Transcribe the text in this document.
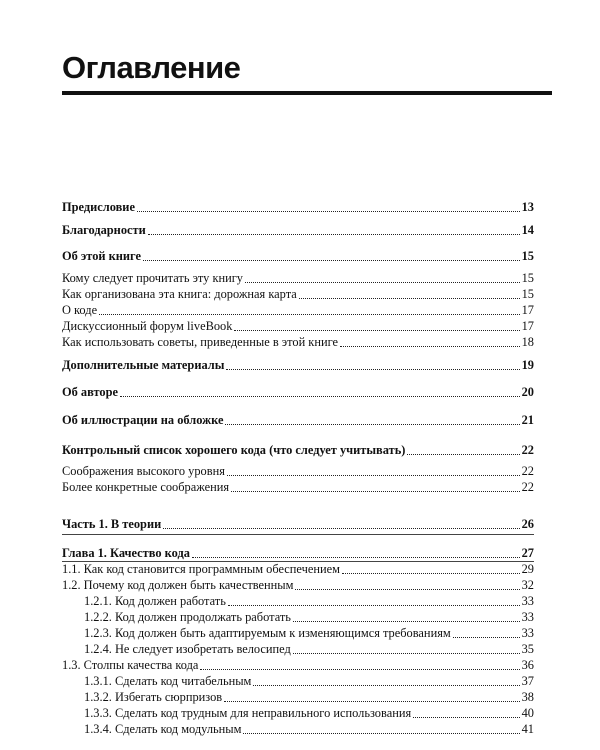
Оглавление
Предисловие	13
Благодарности	14
Об этой книге	15
Кому следует прочитать эту книгу	15
Как организована эта книга: дорожная карта	15
О коде	17
Дискуссионный форум liveBook	17
Как использовать советы, приведенные в этой книге	18
Дополнительные материалы	19
Об авторе	20
Об иллюстрации на обложке	21
Контрольный список хорошего кода (что следует учитывать)	22
Соображения высокого уровня	22
Более конкретные соображения	22
Часть 1. В теории	26
Глава 1. Качество кода	27
1.1. Как код становится программным обеспечением	29
1.2. Почему код должен быть качественным	32
1.2.1. Код должен работать	33
1.2.2. Код должен продолжать работать	33
1.2.3. Код должен быть адаптируемым к изменяющимся требованиям	33
1.2.4. Не следует изобретать велосипед	35
1.3. Столпы качества кода	36
1.3.1. Сделать код читабельным	37
1.3.2. Избегать сюрпризов	38
1.3.3. Сделать код трудным для неправильного использования	40
1.3.4. Сделать код модульным	41
